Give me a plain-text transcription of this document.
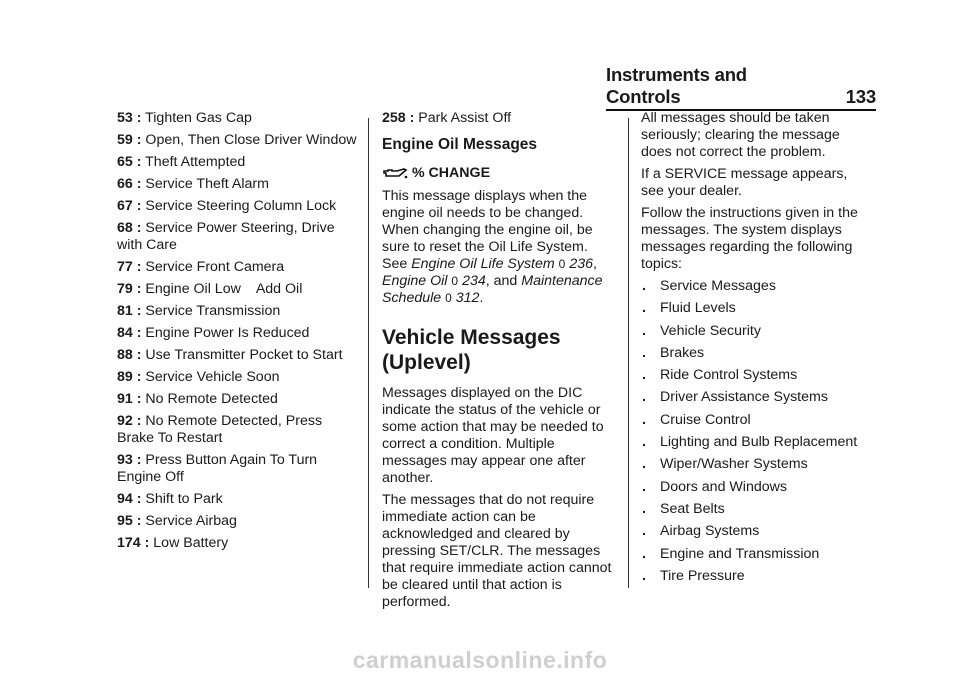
Instruments and Controls	133
53 : Tighten Gas Cap
59 : Open, Then Close Driver Window
65 : Theft Attempted
66 : Service Theft Alarm
67 : Service Steering Column Lock
68 : Service Power Steering, Drive with Care
77 : Service Front Camera
79 : Engine Oil Low    Add Oil
81 : Service Transmission
84 : Engine Power Is Reduced
88 : Use Transmitter Pocket to Start
89 : Service Vehicle Soon
91 : No Remote Detected
92 : No Remote Detected, Press Brake To Restart
93 : Press Button Again To Turn Engine Off
94 : Shift to Park
95 : Service Airbag
174 : Low Battery
258 : Park Assist Off
Engine Oil Messages
% CHANGE
This message displays when the engine oil needs to be changed. When changing the engine oil, be sure to reset the Oil Life System. See Engine Oil Life System 0 236, Engine Oil 0 234, and Maintenance Schedule 0 312.
Vehicle Messages (Uplevel)
Messages displayed on the DIC indicate the status of the vehicle or some action that may be needed to correct a condition. Multiple messages may appear one after another.
The messages that do not require immediate action can be acknowledged and cleared by pressing SET/CLR. The messages that require immediate action cannot be cleared until that action is performed.
All messages should be taken seriously; clearing the message does not correct the problem.
If a SERVICE message appears, see your dealer.
Follow the instructions given in the messages. The system displays messages regarding the following topics:
. Service Messages
. Fluid Levels
. Vehicle Security
. Brakes
. Ride Control Systems
. Driver Assistance Systems
. Cruise Control
. Lighting and Bulb Replacement
. Wiper/Washer Systems
. Doors and Windows
. Seat Belts
. Airbag Systems
. Engine and Transmission
. Tire Pressure
carmanualsonline.info
